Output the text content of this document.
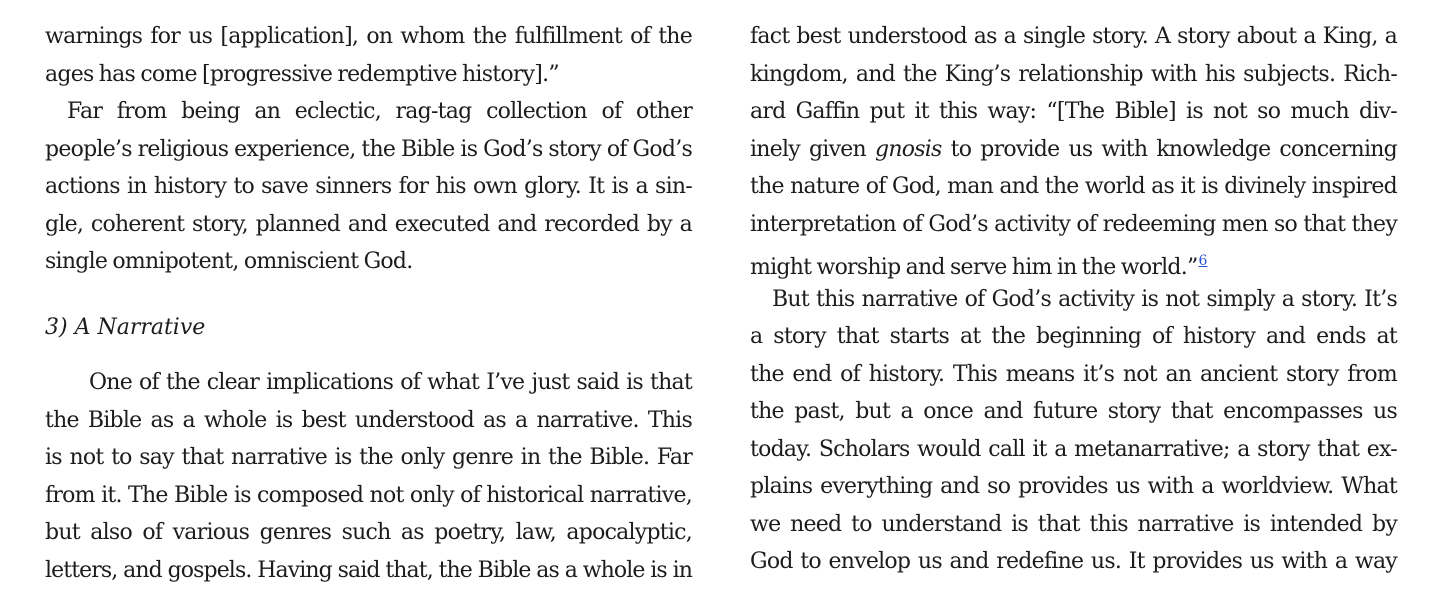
warnings for us [application], on whom the fulfillment of the
ages has come [progressive redemptive history].”
Far from being an eclectic, rag-tag collection of other
people’s religious experience, the Bible is God’s story of God’s
actions in history to save sinners for his own glory. It is a sin-
gle, coherent story, planned and executed and recorded by a
single omnipotent, omniscient God.
3) A Narrative
One of the clear implications of what I’ve just said is that
the Bible as a whole is best understood as a narrative. This
is not to say that narrative is the only genre in the Bible. Far
from it. The Bible is composed not only of historical narrative,
but also of various genres such as poetry, law, apocalyptic,
letters, and gospels. Having said that, the Bible as a whole is in
fact best understood as a single story. A story about a King, a
kingdom, and the King’s relationship with his subjects. Rich-
ard Gaffin put it this way: “[The Bible] is not so much div-
inely given gnosis to provide us with knowledge concerning
the nature of God, man and the world as it is divinely inspired
interpretation of God’s activity of redeeming men so that they
might worship and serve him in the world.”$^6$
But this narrative of God’s activity is not simply a story. It’s
a story that starts at the beginning of history and ends at
the end of history. This means it’s not an ancient story from
the past, but a once and future story that encompasses us
today. Scholars would call it a metanarrative; a story that ex-
plains everything and so provides us with a worldview. What
we need to understand is that this narrative is intended by
God to envelop us and redefine us. It provides us with a way
